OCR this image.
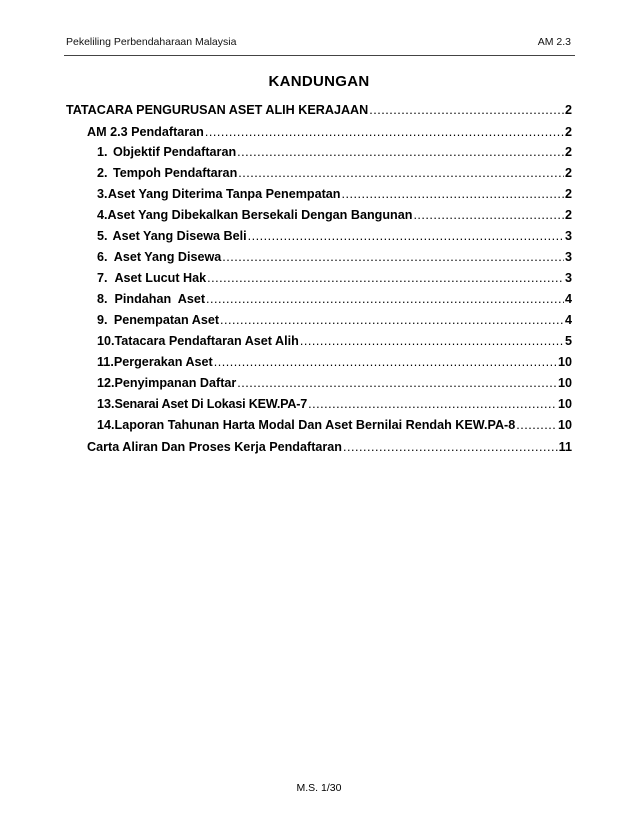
Pekeliling Perbendaharaan Malaysia	AM 2.3
KANDUNGAN
TATACARA PENGURUSAN ASET ALIH KERAJAAN .....	2
AM 2.3 Pendaftaran .....	2
1. Objektif Pendaftaran .....	2
2. Tempoh Pendaftaran .....	2
3. Aset Yang Diterima Tanpa Penempatan .....	2
4. Aset Yang Dibekalkan Bersekali Dengan Bangunan .....	2
5. Aset Yang Disewa Beli .....	3
6. Aset Yang Disewa .....	3
7. Aset Lucut Hak .....	3
8. Pindahan  Aset .....	4
9. Penempatan Aset .....	4
10. Tatacara Pendaftaran Aset Alih .....	5
11. Pergerakan Aset .....	10
12. Penyimpanan Daftar .....	10
13. Senarai Aset Di Lokasi KEW.PA-7 .....	10
14. Laporan Tahunan Harta Modal Dan Aset Bernilai Rendah KEW.PA-8 .....	10
Carta Aliran Dan Proses Kerja Pendaftaran .....	11
M.S. 1/30
